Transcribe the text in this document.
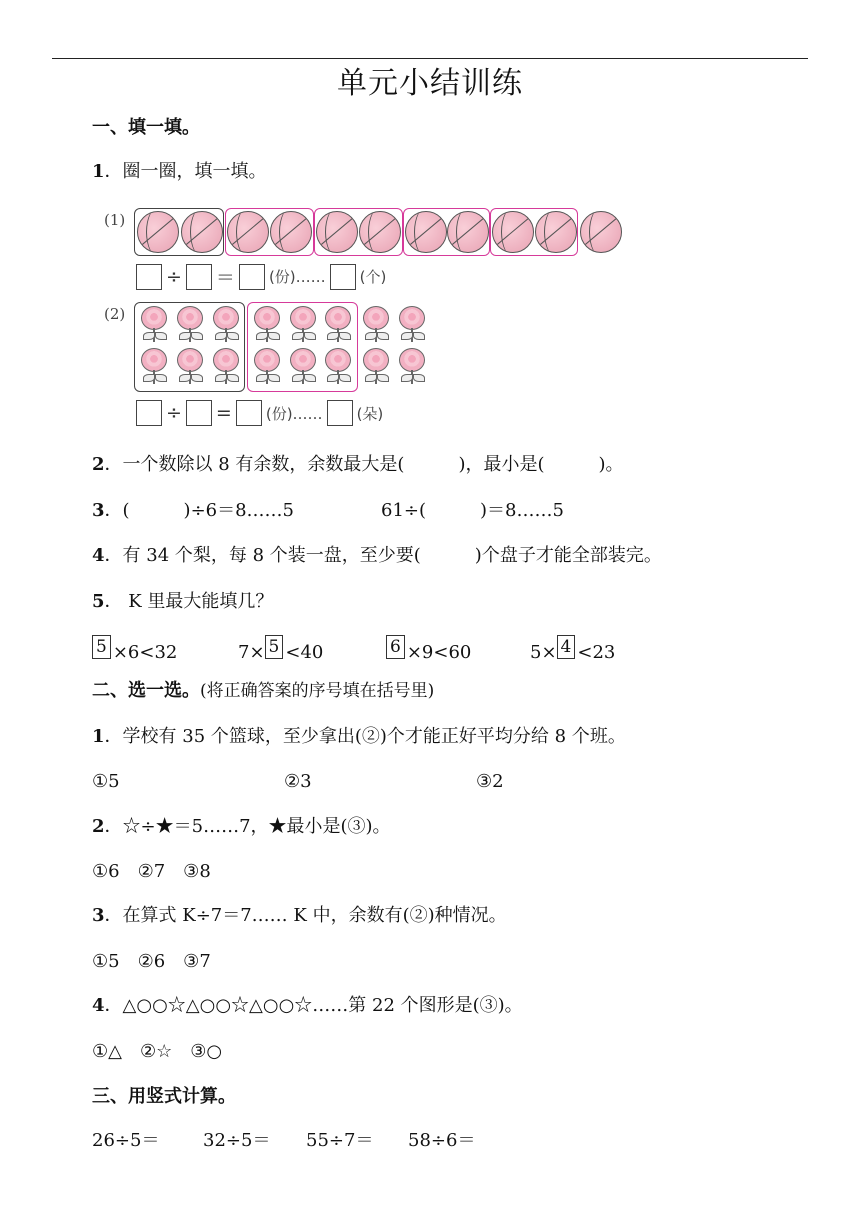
单元小结训练
一、填一填。
1．圈一圈，填一填。
(1)
÷ ＝ (份)…… (个)
(2)
÷ = (份)…… (朵)
2．一个数除以 8 有余数，余数最大是(　　　)，最小是(　　　)。
3．(　　　)÷6＝8……5	61÷(　　　)＝8……5
4．有 34 个梨，每 8 个装一盘，至少要(　　　)个盘子才能全部装完。
5． K 里最大能填几？
5 ×6<32	7× 5 <40	6 ×9<60	5× 4 <23
二、选一选。(将正确答案的序号填在括号里)
1．学校有 35 个篮球，至少拿出(②)个才能正好平均分给 8 个班。
①5	②3	③2
2．☆÷★＝5……7，★最小是(③)。
①6　②7　③8
3．在算式 K÷7＝7…… K 中，余数有(②)种情况。
①5　②6　③7
4．△○○☆△○○☆△○○☆……第 22 个图形是(③)。
①△　②☆　③○
三、用竖式计算。
26÷5＝ 32÷5＝ 55÷7＝ 58÷6＝
